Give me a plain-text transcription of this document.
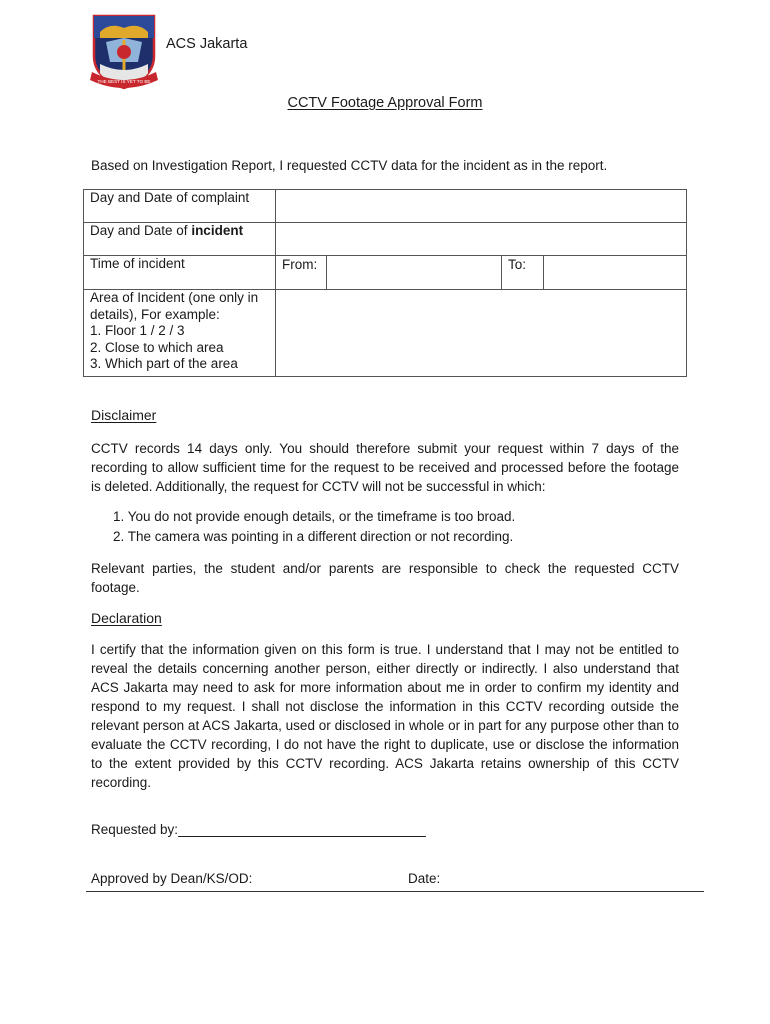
THE BEST IS YET TO BE
ACS Jakarta
CCTV Footage Approval Form
Based on Investigation Report, I requested CCTV data for the incident as in the report.
Day and Date of complaint	
Day and Date of incident	
Time of incident	From: To:

Area of Incident (one only in
details), For example:
1. Floor 1 / 2 / 3
2. Close to which area
3. Which part of the area	

Disclaimer
CCTV records 14 days only. You should therefore submit your request within 7 days of the recording to allow sufficient time for the request to be received and processed before the footage is deleted. Additionally, the request for CCTV will not be successful in which:
1. You do not provide enough details, or the timeframe is too broad.
2. The camera was pointing in a different direction or not recording.
Relevant parties, the student and/or parents are responsible to check the requested CCTV footage.
Declaration
I certify that the information given on this form is true. I understand that I may not be entitled to reveal the details concerning another person, either directly or indirectly. I also understand that ACS Jakarta may need to ask for more information about me in order to confirm my identity and respond to my request. I shall not disclose the information in this CCTV recording outside the relevant person at ACS Jakarta, used or disclosed in whole or in part for any purpose other than to evaluate the CCTV recording, I do not have the right to duplicate, use or disclose the information to the extent provided by this CCTV recording. ACS Jakarta retains ownership of this CCTV recording.
Requested by:
Approved by Dean/KS/OD:	Date:
